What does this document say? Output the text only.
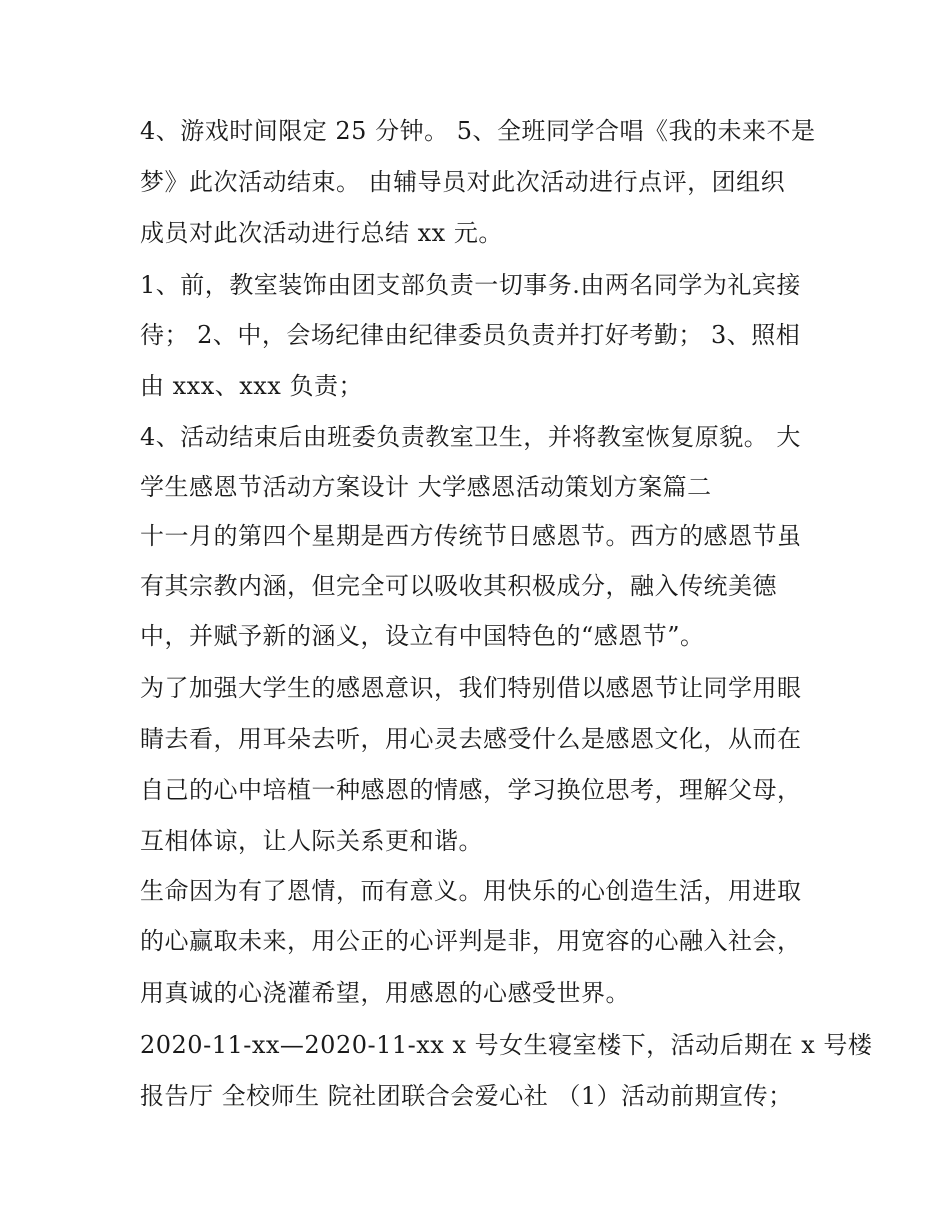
4、游戏时间限定 25 分钟。 5、全班同学合唱《我的未来不是
梦》此次活动结束。 由辅导员对此次活动进行点评，团组织
成员对此次活动进行总结 xx 元。
1、前，教室装饰由团支部负责一切事务.由两名同学为礼宾接
待； 2、中，会场纪律由纪律委员负责并打好考勤； 3、照相
由 xxx、xxx 负责；
4、活动结束后由班委负责教室卫生，并将教室恢复原貌。 大
学生感恩节活动方案设计 大学感恩活动策划方案篇二
十一月的第四个星期是西方传统节日感恩节。西方的感恩节虽
有其宗教内涵，但完全可以吸收其积极成分，融入传统美德
中，并赋予新的涵义，设立有中国特色的“感恩节”。
为了加强大学生的感恩意识，我们特别借以感恩节让同学用眼
睛去看，用耳朵去听，用心灵去感受什么是感恩文化，从而在
自己的心中培植一种感恩的情感，学习换位思考，理解父母，
互相体谅，让人际关系更和谐。
生命因为有了恩情，而有意义。用快乐的心创造生活，用进取
的心赢取未来，用公正的心评判是非，用宽容的心融入社会，
用真诚的心浇灌希望，用感恩的心感受世界。
2020-11-xx—2020-11-xx x 号女生寝室楼下，活动后期在 x 号楼
报告厅 全校师生 院社团联合会爱心社 （1）活动前期宣传；
